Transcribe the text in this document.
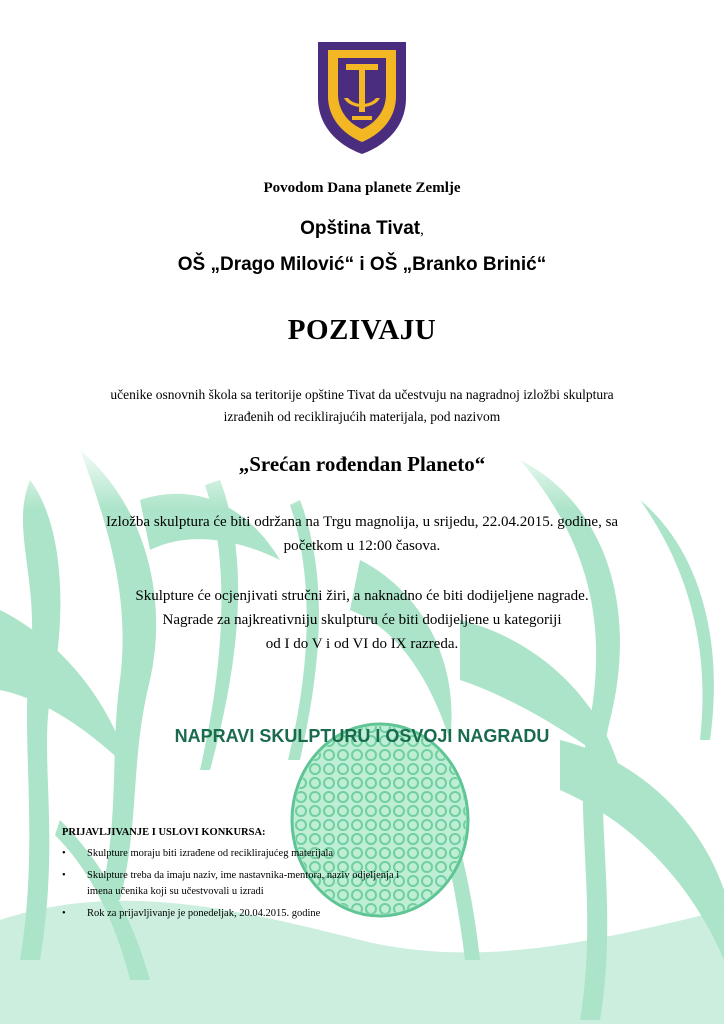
Povodom Dana planete Zemlje
Opština Tivat,
OŠ „Drago Milović“ i OŠ „Branko Brinić“
POZIVAJU
učenike osnovnih škola sa teritorije opštine Tivat da učestvuju na nagradnoj izložbi skulptura
izrađenih od reciklirajućih materijala, pod nazivom
„Srećan rođendan Planeto“
Izložba skulptura će biti održana na Trgu magnolija, u srijedu, 22.04.2015. godine, sa
početkom u 12:00 časova.
Skulpture će ocjenjivati stručni žiri, a naknadno će biti dodijeljene nagrade.
Nagrade za najkreativniju skulpturu će biti dodijeljene u kategoriji
od I do V i od VI do IX razreda.
NAPRAVI SKULPTURU I OSVOJI NAGRADU
PRIJAVLJIVANJE I USLOVI KONKURSA:
• Skulpture moraju biti izrađene od reciklirajućeg materijala
• Skulpture treba da imaju naziv, ime nastavnika-mentora, naziv odjeljenja i
imena učenika koji su učestvovali u izradi
• Rok za prijavljivanje je ponedeljak, 20.04.2015. godine
